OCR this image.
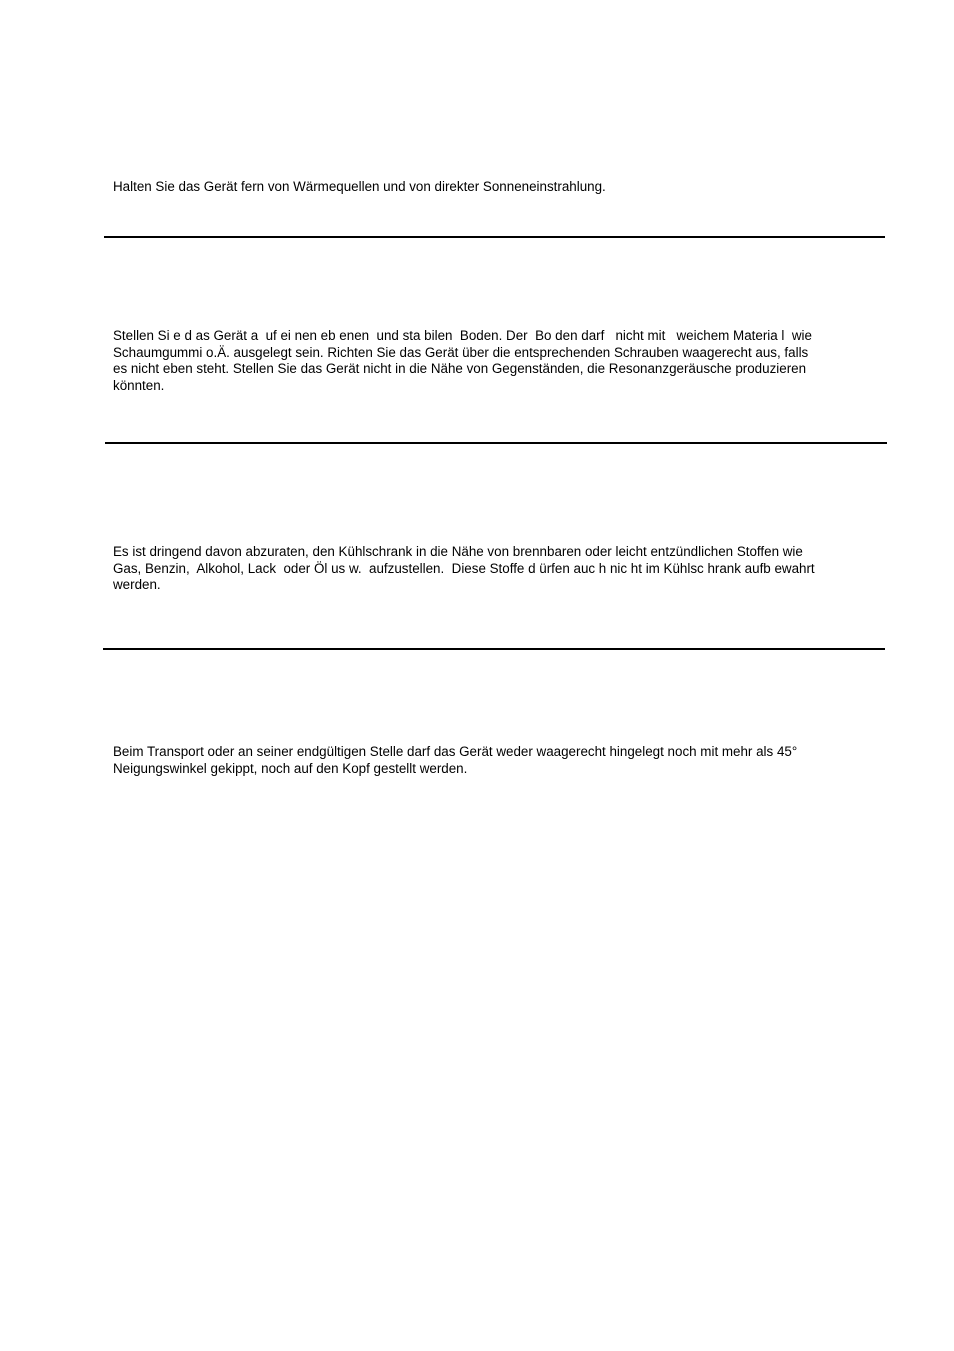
Halten Sie das Gerät fern von Wärmequellen und von direkter Sonneneinstrahlung.

Stellen Si e d as Gerät a  uf ei nen eb enen  und sta bilen  Boden. Der  Bo den darf   nicht mit   weichem Materia l  wie
Schaumgummi o.Ä. ausgelegt sein. Richten Sie das Gerät über die entsprechenden Schrauben waagerecht aus, falls
es nicht eben steht. Stellen Sie das Gerät nicht in die Nähe von Gegenständen, die Resonanzgeräusche produzieren
könnten.

Es ist dringend davon abzuraten, den Kühlschrank in die Nähe von brennbaren oder leicht entzündlichen Stoffen wie
Gas, Benzin,  Alkohol, Lack  oder Öl us w.  aufzustellen.  Diese Stoffe d ürfen auc h nic ht im Kühlsc hrank aufb ewahrt
werden.

Beim Transport oder an seiner endgültigen Stelle darf das Gerät weder waagerecht hingelegt noch mit mehr als 45°
Neigungswinkel gekippt, noch auf den Kopf gestellt werden.
